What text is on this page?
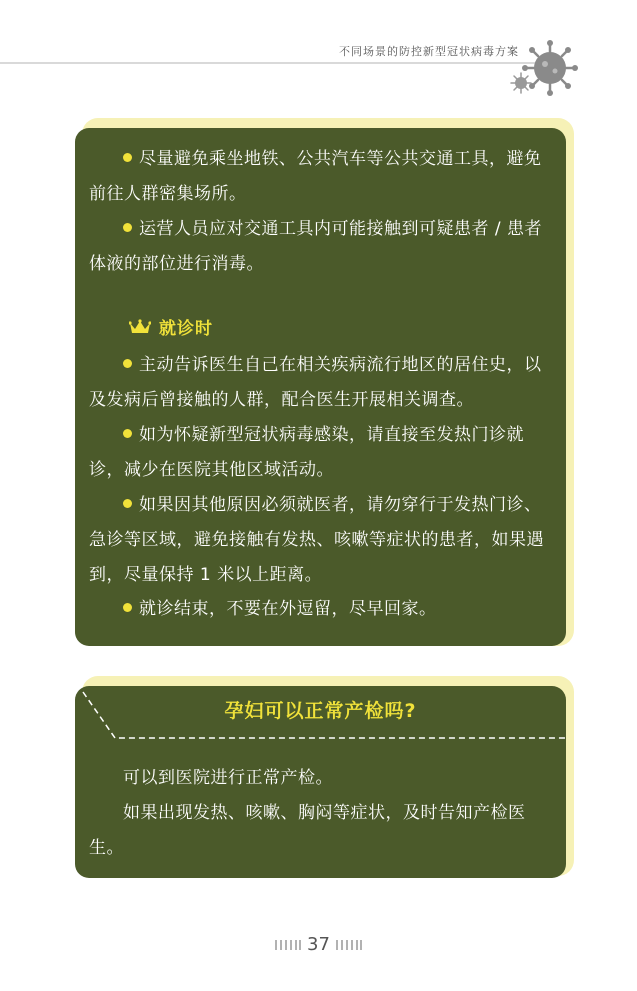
不同场景的防控新型冠状病毒方案
尽量避免乘坐地铁、公共汽车等公共交通工具，避免前往人群密集场所。
运营人员应对交通工具内可能接触到可疑患者 / 患者体液的部位进行消毒。
就诊时
主动告诉医生自己在相关疾病流行地区的居住史，以及发病后曾接触的人群，配合医生开展相关调查。
如为怀疑新型冠状病毒感染，请直接至发热门诊就诊，减少在医院其他区域活动。
如果因其他原因必须就医者，请勿穿行于发热门诊、急诊等区域，避免接触有发热、咳嗽等症状的患者，如果遇到，尽量保持 1 米以上距离。
就诊结束，不要在外逗留，尽早回家。
孕妇可以正常产检吗?
可以到医院进行正常产检。
如果出现发热、咳嗽、胸闷等症状，及时告知产检医生。
37
